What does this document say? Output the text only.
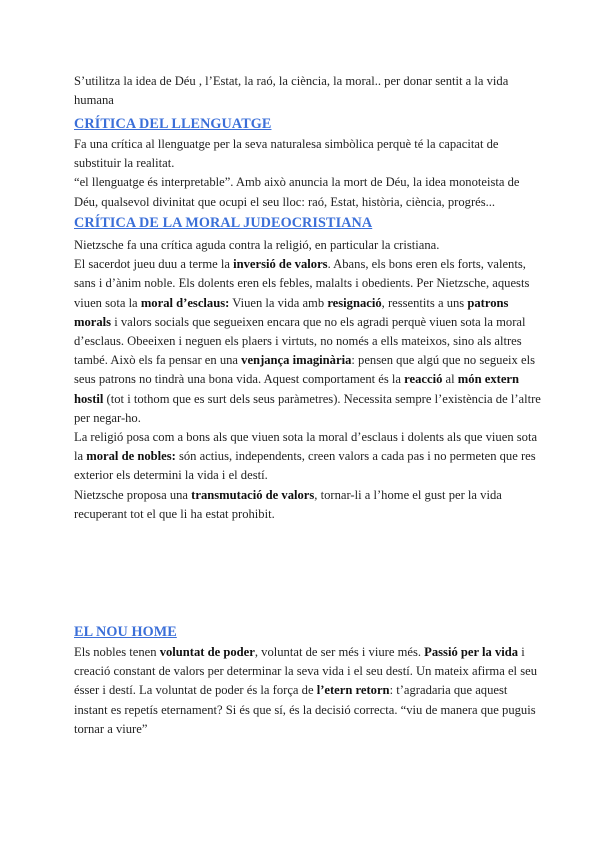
S’utilitza la idea de Déu , l’Estat, la raó, la ciència, la moral.. per donar sentit a la vida
humana
CRÍTICA DEL LLENGUATGE
Fa una crítica al llenguatge per la seva naturalesa simbòlica perquè té la capacitat de
substituir la realitat.
“el llenguatge és interpretable”. Amb això anuncia la mort de Déu, la idea monoteista de
Déu, qualsevol divinitat que ocupi el seu lloc: raó, Estat, història, ciència, progrés...
CRÍTICA DE LA MORAL JUDEOCRISTIANA
Nietzsche fa una crítica aguda contra la religió, en particular la cristiana.
El sacerdot jueu duu a terme la inversió de valors. Abans, els bons eren els forts, valents,
sans i d’ànim noble. Els dolents eren els febles, malalts i obedients. Per Nietzsche, aquests
viuen sota la moral d’esclaus: Viuen la vida amb resignació, ressentits a uns patrons
morals i valors socials que segueixen encara que no els agradi perquè viuen sota la moral
d’esclaus. Obeeixen i neguen els plaers i virtuts, no només a ells mateixos, sino als altres
també. Això els fa pensar en una venjança imaginària: pensen que algú que no segueix els
seus patrons no tindrà una bona vida. Aquest comportament és la reacció al món extern
hostil (tot i tothom que es surt dels seus paràmetres). Necessita sempre l’existència de l’altre
per negar-ho.
La religió posa com a bons als que viuen sota la moral d’esclaus i dolents als que viuen sota
la moral de nobles: són actius, independents, creen valors a cada pas i no permeten que res
exterior els determini la vida i el destí.
Nietzsche proposa una transmutació de valors, tornar-li a l’home el gust per la vida
recuperant tot el que li ha estat prohibit.
EL NOU HOME
Els nobles tenen voluntat de poder, voluntat de ser més i viure més. Passió per la vida i
creació constant de valors per determinar la seva vida i el seu destí. Un mateix afirma el seu
ésser i destí. La voluntat de poder és la força de l’etern retorn: t’agradaria que aquest
instant es repetís eternament? Si és que sí, és la decisió correcta. “viu de manera que puguis
tornar a viure”
